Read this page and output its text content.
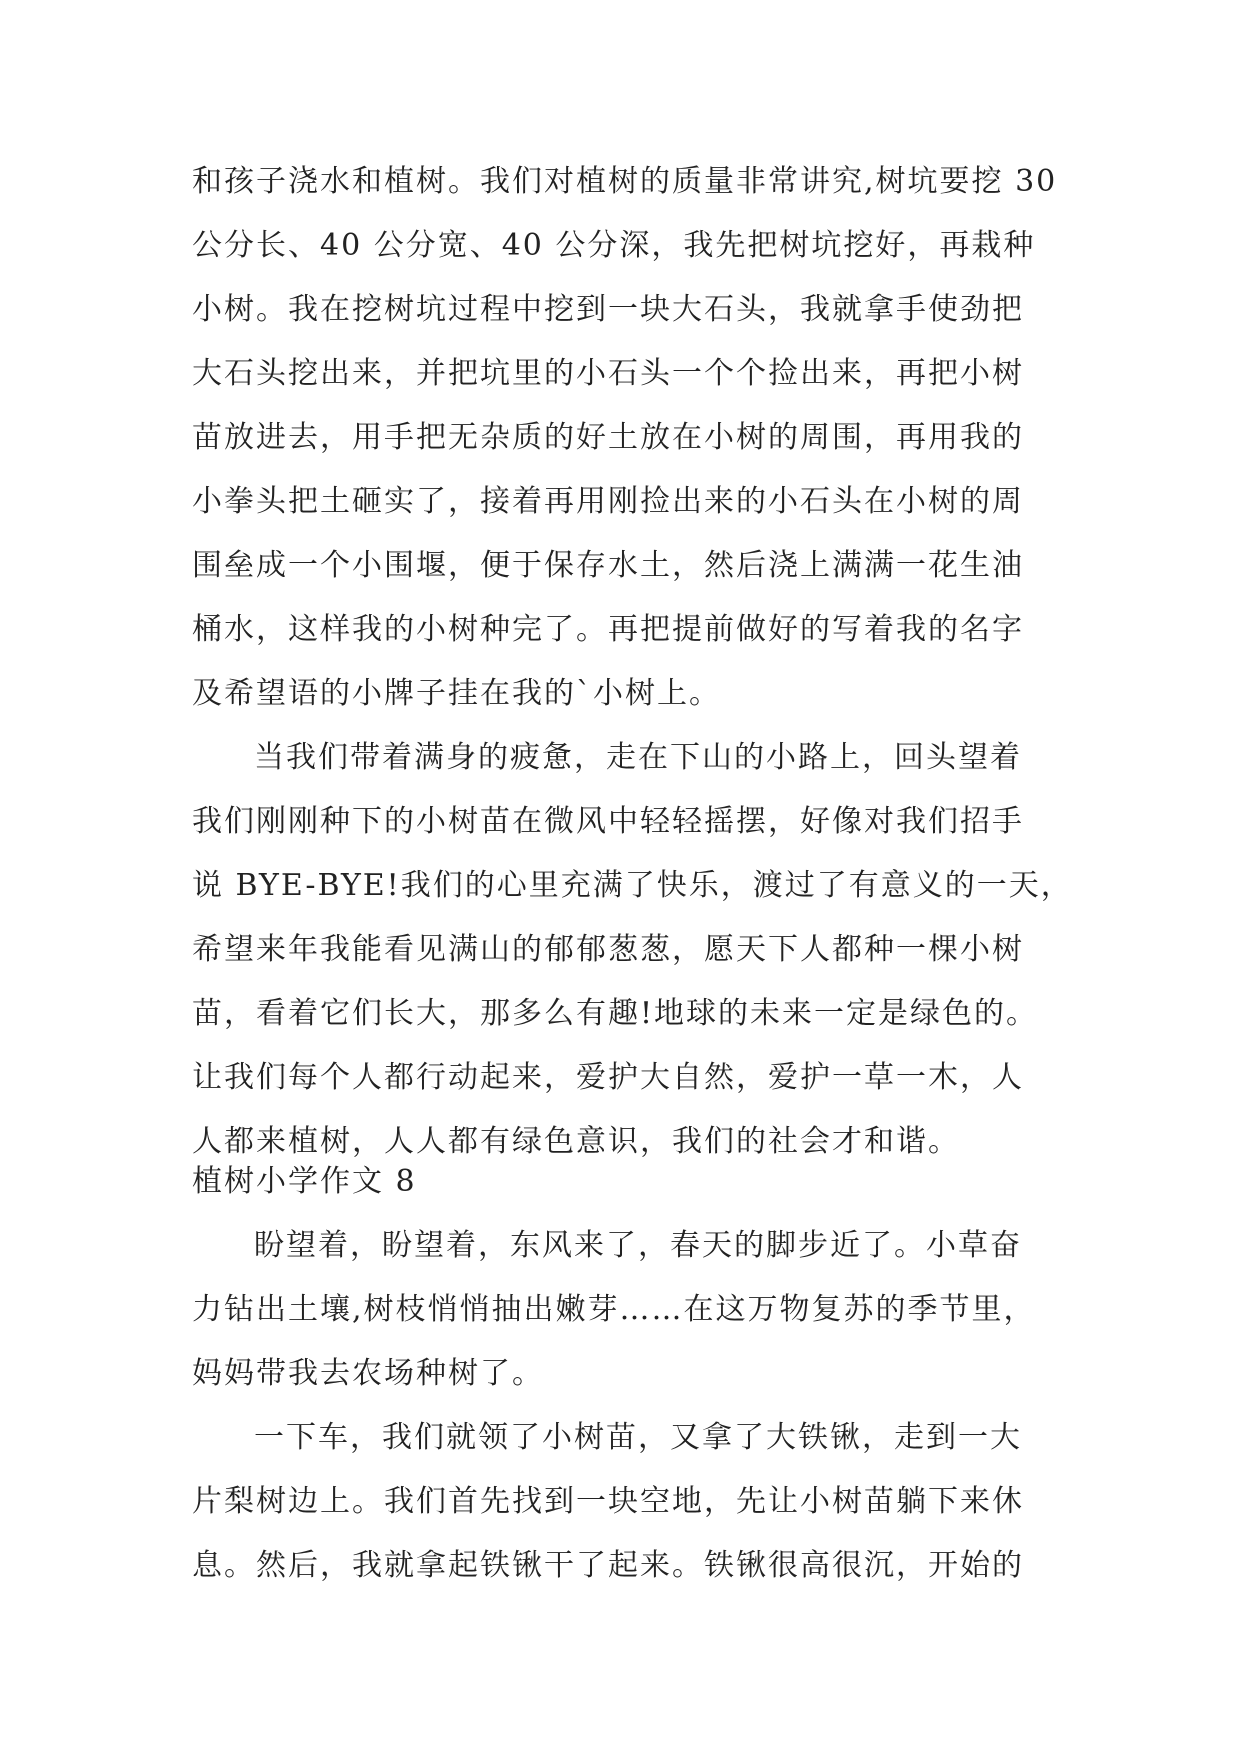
和孩子浇水和植树。我们对植树的质量非常讲究,树坑要挖 30
公分长、40 公分宽、40 公分深，我先把树坑挖好，再栽种
小树。我在挖树坑过程中挖到一块大石头，我就拿手使劲把
大石头挖出来，并把坑里的小石头一个个捡出来，再把小树
苗放进去，用手把无杂质的好土放在小树的周围，再用我的
小拳头把土砸实了，接着再用刚捡出来的小石头在小树的周
围垒成一个小围堰，便于保存水土，然后浇上满满一花生油
桶水，这样我的小树种完了。再把提前做好的写着我的名字
及希望语的小牌子挂在我的`小树上。
当我们带着满身的疲惫，走在下山的小路上，回头望着
我们刚刚种下的小树苗在微风中轻轻摇摆，好像对我们招手
说 BYE-BYE!我们的心里充满了快乐，渡过了有意义的一天，
希望来年我能看见满山的郁郁葱葱，愿天下人都种一棵小树
苗，看着它们长大，那多么有趣!地球的未来一定是绿色的。
让我们每个人都行动起来，爱护大自然，爱护一草一木，人
人都来植树，人人都有绿色意识，我们的社会才和谐。
植树小学作文 8
盼望着，盼望着，东风来了，春天的脚步近了。小草奋
力钻出土壤,树枝悄悄抽出嫩芽……在这万物复苏的季节里，
妈妈带我去农场种树了。
一下车，我们就领了小树苗，又拿了大铁锹，走到一大
片梨树边上。我们首先找到一块空地，先让小树苗躺下来休
息。然后，我就拿起铁锹干了起来。铁锹很高很沉，开始的
